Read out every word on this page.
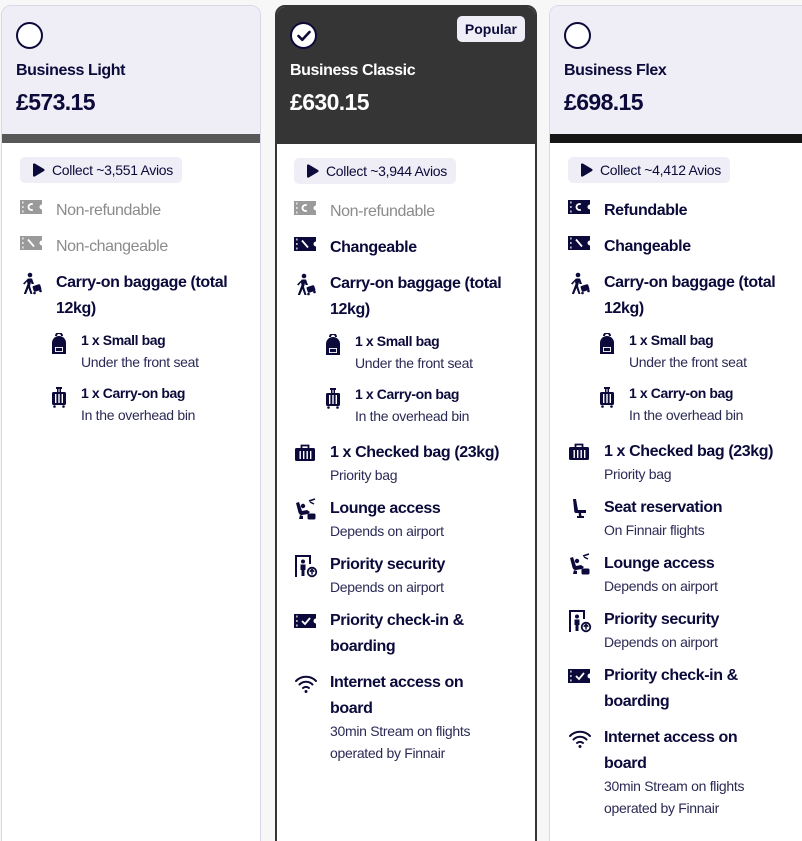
Business Light
£573.15
Collect ~3,551 Avios
Non-refundable
Non-changeable
Carry-on baggage (total 12kg)
1 x Small bag
Under the front seat
1 x Carry-on bag
In the overhead bin
Popular
Business Classic
£630.15
Collect ~3,944 Avios
Non-refundable
Changeable
Carry-on baggage (total 12kg)
1 x Small bag
Under the front seat
1 x Carry-on bag
In the overhead bin
1 x Checked bag (23kg)
Priority bag
Lounge access
Depends on airport
Priority security
Depends on airport
Priority check-in & boarding
Internet access on board
30min Stream on flights operated by Finnair
Business Flex
£698.15
Collect ~4,412 Avios
Refundable
Changeable
Carry-on baggage (total 12kg)
1 x Small bag
Under the front seat
1 x Carry-on bag
In the overhead bin
1 x Checked bag (23kg)
Priority bag
Seat reservation
On Finnair flights
Lounge access
Depends on airport
Priority security
Depends on airport
Priority check-in & boarding
Internet access on board
30min Stream on flights operated by Finnair
